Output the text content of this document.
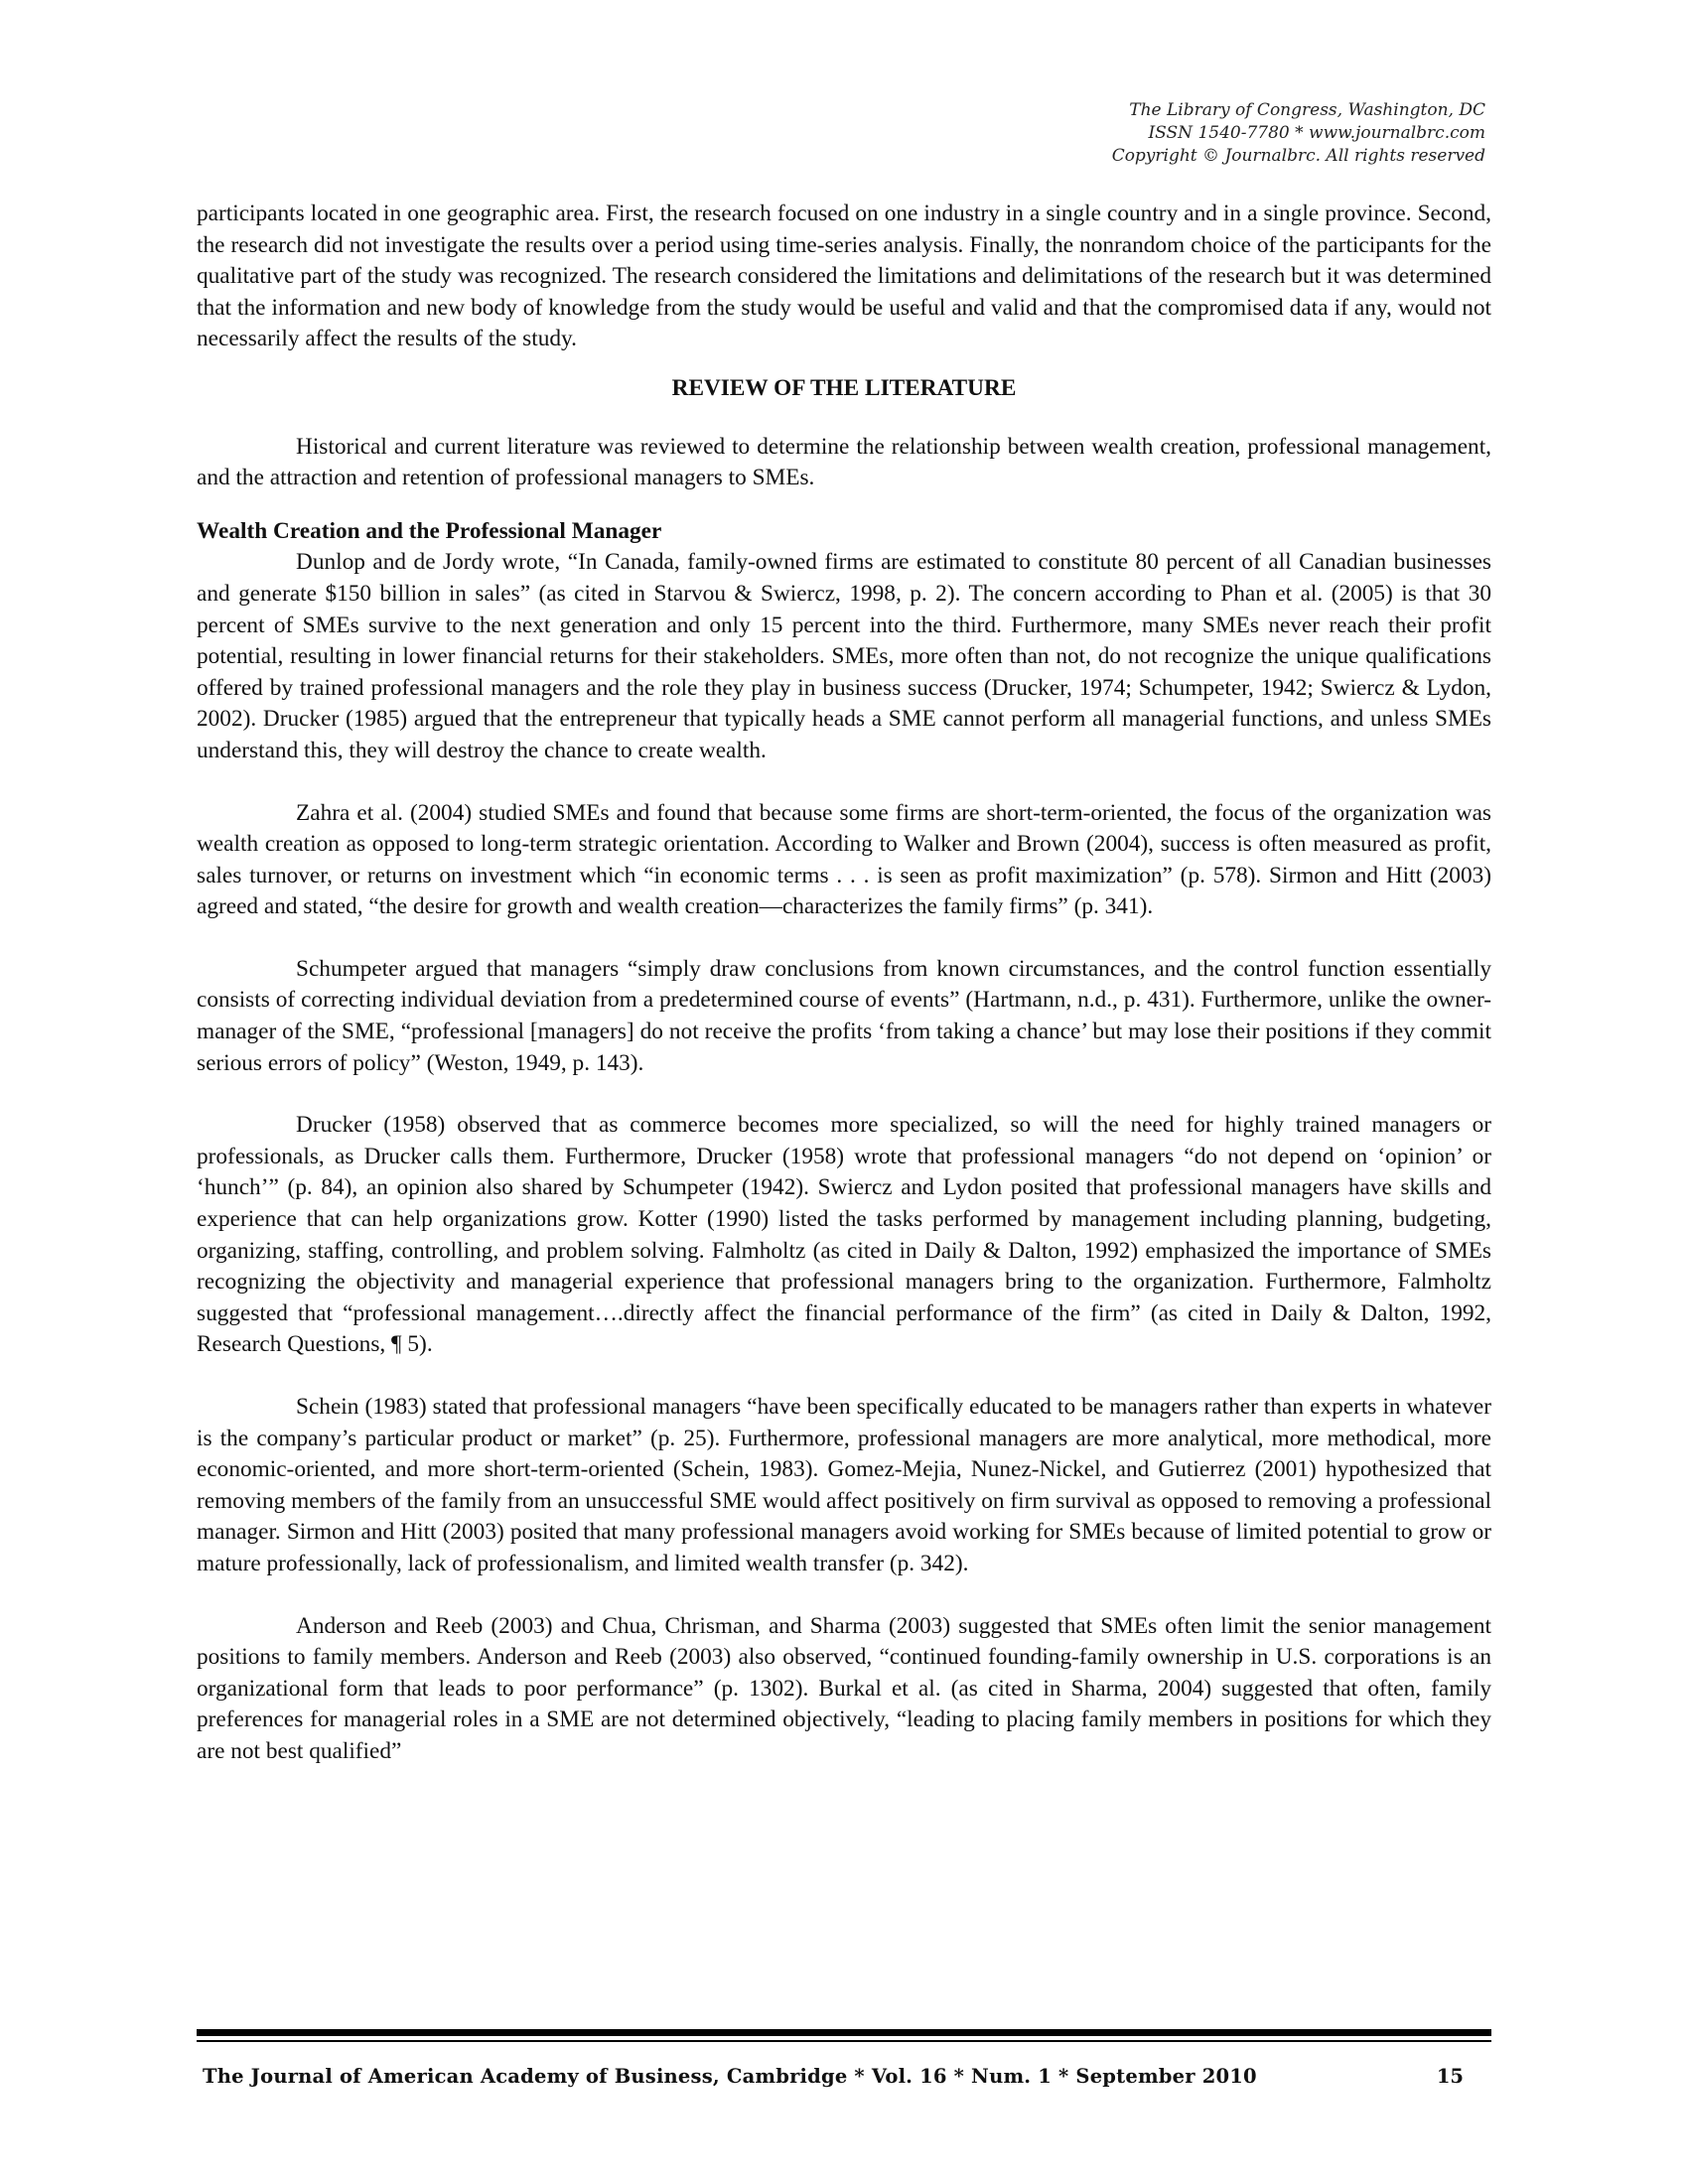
The Library of Congress, Washington, DC
ISSN 1540-7780 * www.journalbrc.com
Copyright © Journalbrc. All rights reserved

participants located in one geographic area. First, the research focused on one industry in a single country and in a single province. Second, the research did not investigate the results over a period using time-series analysis. Finally, the nonrandom choice of the participants for the qualitative part of the study was recognized. The research considered the limitations and delimitations of the research but it was determined that the information and new body of knowledge from the study would be useful and valid and that the compromised data if any, would not necessarily affect the results of the study.

REVIEW OF THE LITERATURE

Historical and current literature was reviewed to determine the relationship between wealth creation, professional management, and the attraction and retention of professional managers to SMEs.

Wealth Creation and the Professional Manager

Dunlop and de Jordy wrote, “In Canada, family-owned firms are estimated to constitute 80 percent of all Canadian businesses and generate $150 billion in sales” (as cited in Starvou & Swiercz, 1998, p. 2). The concern according to Phan et al. (2005) is that 30 percent of SMEs survive to the next generation and only 15 percent into the third. Furthermore, many SMEs never reach their profit potential, resulting in lower financial returns for their stakeholders. SMEs, more often than not, do not recognize the unique qualifications offered by trained professional managers and the role they play in business success (Drucker, 1974; Schumpeter, 1942; Swiercz & Lydon, 2002). Drucker (1985) argued that the entrepreneur that typically heads a SME cannot perform all managerial functions, and unless SMEs understand this, they will destroy the chance to create wealth.

Zahra et al. (2004) studied SMEs and found that because some firms are short-term-oriented, the focus of the organization was wealth creation as opposed to long-term strategic orientation. According to Walker and Brown (2004), success is often measured as profit, sales turnover, or returns on investment which “in economic terms . . . is seen as profit maximization” (p. 578). Sirmon and Hitt (2003) agreed and stated, “the desire for growth and wealth creation—characterizes the family firms” (p. 341).

Schumpeter argued that managers “simply draw conclusions from known circumstances, and the control function essentially consists of correcting individual deviation from a predetermined course of events” (Hartmann, n.d., p. 431). Furthermore, unlike the owner-manager of the SME, “professional [managers] do not receive the profits ‘from taking a chance’ but may lose their positions if they commit serious errors of policy” (Weston, 1949, p. 143).

Drucker (1958) observed that as commerce becomes more specialized, so will the need for highly trained managers or professionals, as Drucker calls them. Furthermore, Drucker (1958) wrote that professional managers “do not depend on ‘opinion’ or ‘hunch’” (p. 84), an opinion also shared by Schumpeter (1942). Swiercz and Lydon posited that professional managers have skills and experience that can help organizations grow. Kotter (1990) listed the tasks performed by management including planning, budgeting, organizing, staffing, controlling, and problem solving. Falmholtz (as cited in Daily & Dalton, 1992) emphasized the importance of SMEs recognizing the objectivity and managerial experience that professional managers bring to the organization. Furthermore, Falmholtz suggested that “professional management….directly affect the financial performance of the firm” (as cited in Daily & Dalton, 1992, Research Questions, ¶ 5).

Schein (1983) stated that professional managers “have been specifically educated to be managers rather than experts in whatever is the company’s particular product or market” (p. 25). Furthermore, professional managers are more analytical, more methodical, more economic-oriented, and more short-term-oriented (Schein, 1983). Gomez-Mejia, Nunez-Nickel, and Gutierrez (2001) hypothesized that removing members of the family from an unsuccessful SME would affect positively on firm survival as opposed to removing a professional manager. Sirmon and Hitt (2003) posited that many professional managers avoid working for SMEs because of limited potential to grow or mature professionally, lack of professionalism, and limited wealth transfer (p. 342).

Anderson and Reeb (2003) and Chua, Chrisman, and Sharma (2003) suggested that SMEs often limit the senior management positions to family members. Anderson and Reeb (2003) also observed, “continued founding-family ownership in U.S. corporations is an organizational form that leads to poor performance” (p. 1302). Burkal et al. (as cited in Sharma, 2004) suggested that often, family preferences for managerial roles in a SME are not determined objectively, “leading to placing family members in positions for which they are not best qualified”

The Journal of American Academy of Business, Cambridge * Vol. 16 * Num. 1 * September 2010	15
